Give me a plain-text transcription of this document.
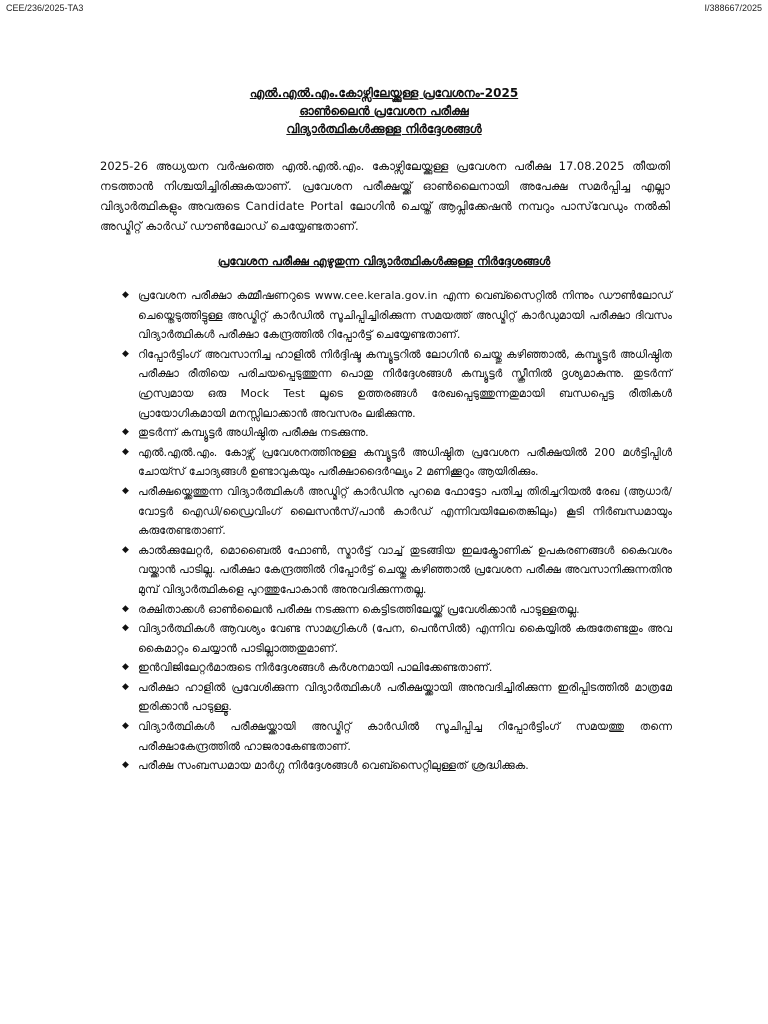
CEE/236/2025-TA3	I/388667/2025
എൽ.എൽ.എം.കോഴ്സിലേയ്ക്കുള്ള പ്രവേശനം-2025
ഓൺലൈൻ പ്രവേശന പരീക്ഷ
വിദ്യാർത്ഥികൾക്കുള്ള നിർദ്ദേശങ്ങൾ

2025-26 അധ്യയന വർഷത്തെ എൽ.എൽ.എം. കോഴ്സിലേയ്ക്കുള്ള പ്രവേശന പരീക്ഷ 17.08.2025 തീയതി നടത്താൻ നിശ്ചയിച്ചിരിക്കുകയാണ്. പ്രവേശന പരീക്ഷയ്ക്ക് ഓൺലൈനായി അപേക്ഷ സമർപ്പിച്ച എല്ലാ വിദ്യാർത്ഥികളും അവരുടെ Candidate Portal ലോഗിൻ ചെയ്ത് ആപ്ലിക്കേഷൻ നമ്പറും പാസ്‌വേഡും നൽകി അഡ്മിറ്റ് കാർഡ് ഡൗൺലോഡ് ചെയ്യേണ്ടതാണ്.

പ്രവേശന പരീക്ഷ എഴുതുന്ന വിദ്യാർത്ഥികൾക്കുള്ള നിർദ്ദേശങ്ങൾ
◆ പ്രവേശന പരീക്ഷാ കമ്മീഷണറുടെ www.cee.kerala.gov.in എന്ന വെബ്സൈറ്റിൽ നിന്നും ഡൗൺലോഡ് ചെയ്തെടുത്തിട്ടുള്ള അഡ്മിറ്റ് കാർഡിൽ സൂചിപ്പിച്ചിരിക്കുന്ന സമയത്ത് അഡ്മിറ്റ് കാർഡുമായി പരീക്ഷാ ദിവസം വിദ്യാർത്ഥികൾ പരീക്ഷാ കേന്ദ്രത്തിൽ റിപ്പോർട്ട് ചെയ്യേണ്ടതാണ്.
◆ റിപ്പോർട്ടിംഗ് അവസാനിച്ച ഹാളിൽ നിർദ്ദിഷ്ട കമ്പ്യൂട്ടറിൽ ലോഗിൻ ചെയ്തു കഴിഞ്ഞാൽ, കമ്പ്യൂട്ടർ അധിഷ്ഠിത പരീക്ഷാ രീതിയെ പരിചയപ്പെടുത്തുന്ന പൊതു നിർദ്ദേശങ്ങൾ കമ്പ്യൂട്ടർ സ്ക്രീനിൽ ദൃശ്യമാകുന്നു. തുടർന്ന് ഹ്രസ്വമായ ഒരു Mock Test ലൂടെ ഉത്തരങ്ങൾ രേഖപ്പെടുത്തുന്നതുമായി ബന്ധപ്പെട്ട രീതികൾ പ്രായോഗികമായി മനസ്സിലാക്കാൻ അവസരം ലഭിക്കുന്നു.
◆ തുടർന്ന് കമ്പ്യൂട്ടർ അധിഷ്ഠിത പരീക്ഷ നടക്കുന്നു.
◆ എൽ.എൽ.എം. കോഴ്സ് പ്രവേശനത്തിനുള്ള കമ്പ്യൂട്ടർ അധിഷ്ഠിത പ്രവേശന പരീക്ഷയിൽ 200 മൾട്ടിപ്പിൾ ചോയ്സ് ചോദ്യങ്ങൾ ഉണ്ടാവുകയും പരീക്ഷാദൈർഘ്യം 2 മണിക്കൂറും ആയിരിക്കും.
◆ പരീക്ഷയ്ക്കെത്തുന്ന വിദ്യാർത്ഥികൾ അഡ്മിറ്റ് കാർഡിനു പുറമെ ഫോട്ടോ പതിച്ച തിരിച്ചറിയൽ രേഖ (ആധാർ/വോട്ടർ ഐഡി/ഡ്രൈവിംഗ് ലൈസൻസ്/പാൻ കാർഡ് എന്നിവയിലേതെങ്കിലും) കൂടി നിർബന്ധമായും കരുതേണ്ടതാണ്.
◆ കാൽക്കുലേറ്റർ, മൊബൈൽ ഫോൺ, സ്മാർട്ട് വാച്ച് തുടങ്ങിയ ഇലക്ട്രോണിക് ഉപകരണങ്ങൾ കൈവശം വയ്ക്കാൻ പാടില്ല. പരീക്ഷാ കേന്ദ്രത്തിൽ റിപ്പോർട്ട് ചെയ്തു കഴിഞ്ഞാൽ പ്രവേശന പരീക്ഷ അവസാനിക്കുന്നതിനു മുമ്പ് വിദ്യാർത്ഥികളെ പുറത്തുപോകാൻ അനുവദിക്കുന്നതല്ല.
◆ രക്ഷിതാക്കൾ ഓൺലൈൻ പരീക്ഷ നടക്കുന്ന കെട്ടിടത്തിലേയ്ക്ക് പ്രവേശിക്കാൻ പാടുള്ളതല്ല.
◆ വിദ്യാർത്ഥികൾ ആവശ്യം വേണ്ട സാമഗ്രികൾ (പേന, പെൻസിൽ) എന്നിവ കൈയ്യിൽ കരുതേണ്ടതും അവ കൈമാറ്റം ചെയ്യാൻ പാടില്ലാത്തതുമാണ്.
◆ ഇൻവിജിലേറ്റർമാരുടെ നിർദ്ദേശങ്ങൾ കർശനമായി പാലിക്കേണ്ടതാണ്.
◆ പരീക്ഷാ ഹാളിൽ പ്രവേശിക്കുന്ന വിദ്യാർത്ഥികൾ പരീക്ഷയ്ക്കായി അനുവദിച്ചിരിക്കുന്ന ഇരിപ്പിടത്തിൽ മാത്രമേ ഇരിക്കാൻ പാടുള്ളൂ.
◆ വിദ്യാർത്ഥികൾ പരീക്ഷയ്ക്കായി അഡ്മിറ്റ് കാർഡിൽ സൂചിപ്പിച്ച റിപ്പോർട്ടിംഗ് സമയത്തു തന്നെ പരീക്ഷാകേന്ദ്രത്തിൽ ഹാജരാകേണ്ടതാണ്.
◆ പരീക്ഷ സംബന്ധമായ മാർഗ്ഗ നിർദ്ദേശങ്ങൾ വെബ്സൈറ്റിലുള്ളത് ശ്രദ്ധിക്കുക.
